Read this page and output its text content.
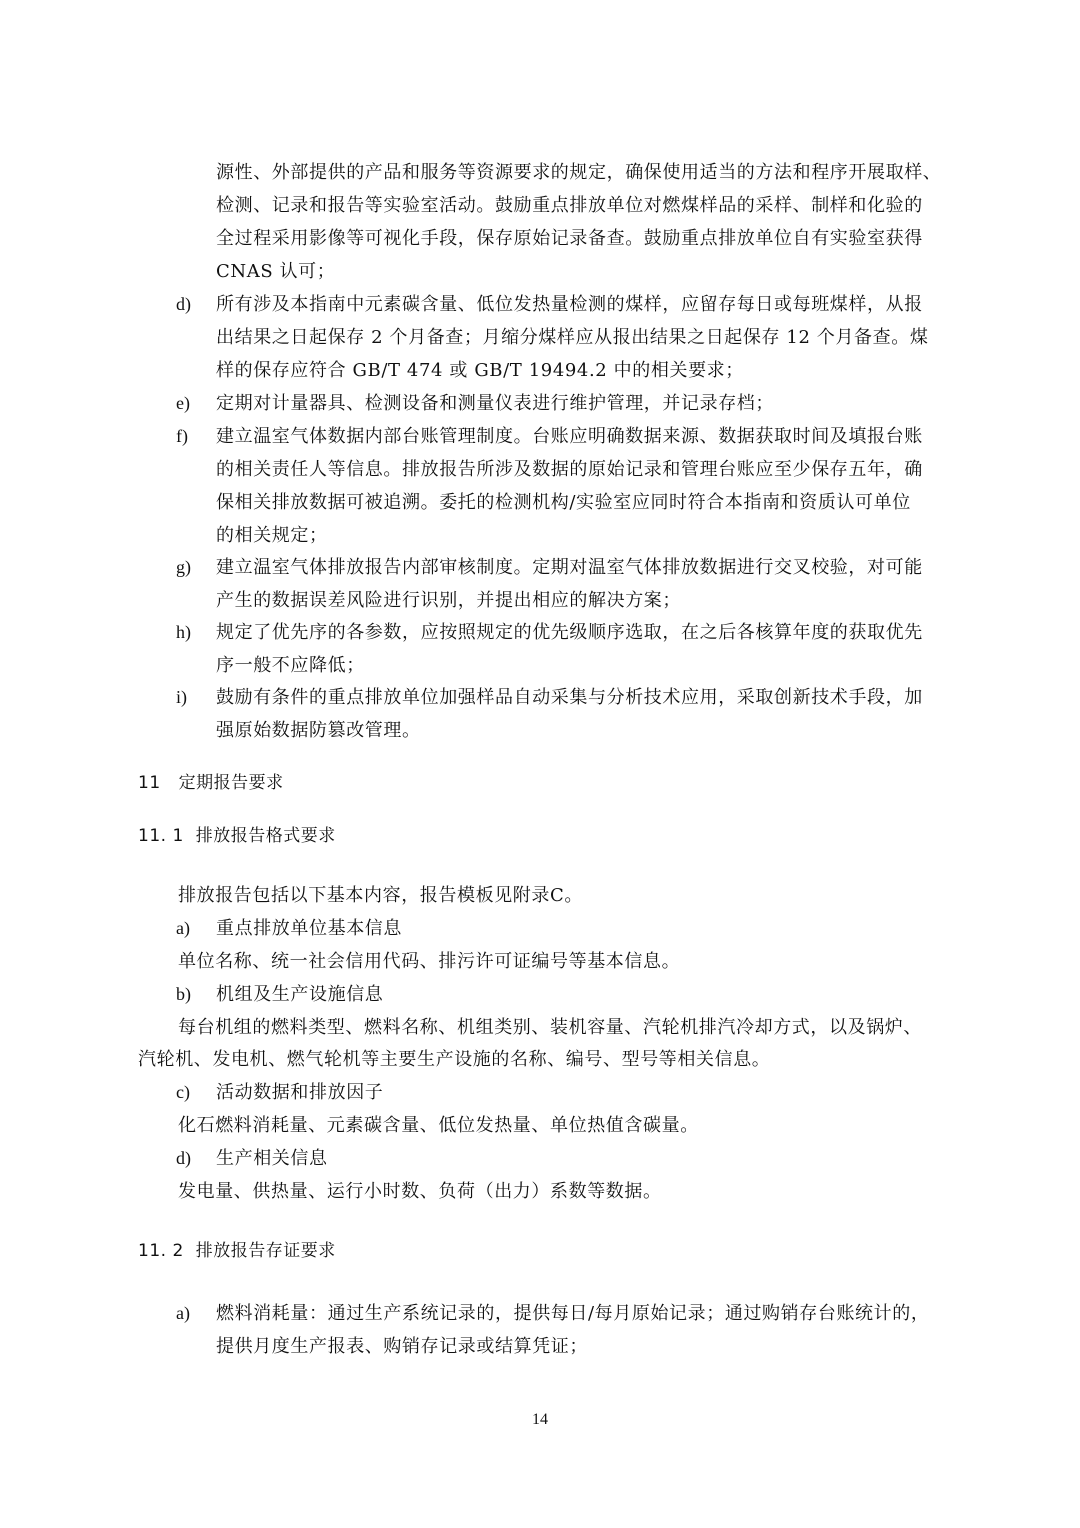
源性、外部提供的产品和服务等资源要求的规定，确保使用适当的方法和程序开展取样、
检测、记录和报告等实验室活动。鼓励重点排放单位对燃煤样品的采样、制样和化验的
全过程采用影像等可视化手段，保存原始记录备查。鼓励重点排放单位自有实验室获得
CNAS 认可；
d)	所有涉及本指南中元素碳含量、低位发热量检测的煤样，应留存每日或每班煤样，从报
出结果之日起保存 2 个月备查；月缩分煤样应从报出结果之日起保存 12 个月备查。煤
样的保存应符合 GB/T 474 或 GB/T 19494.2 中的相关要求；
e)	定期对计量器具、检测设备和测量仪表进行维护管理，并记录存档；
f)	建立温室气体数据内部台账管理制度。台账应明确数据来源、数据获取时间及填报台账
的相关责任人等信息。排放报告所涉及数据的原始记录和管理台账应至少保存五年，确
保相关排放数据可被追溯。委托的检测机构/实验室应同时符合本指南和资质认可单位
的相关规定；
g)	建立温室气体排放报告内部审核制度。定期对温室气体排放数据进行交叉校验，对可能
产生的数据误差风险进行识别，并提出相应的解决方案；
h)	规定了优先序的各参数，应按照规定的优先级顺序选取，在之后各核算年度的获取优先
序一般不应降低；
i)	鼓励有条件的重点排放单位加强样品自动采集与分析技术应用，采取创新技术手段，加
强原始数据防篡改管理。
11 定期报告要求
11. 1 排放报告格式要求
排放报告包括以下基本内容，报告模板见附录C。
a)	重点排放单位基本信息
单位名称、统一社会信用代码、排污许可证编号等基本信息。
b)	机组及生产设施信息
每台机组的燃料类型、燃料名称、机组类别、装机容量、汽轮机排汽冷却方式，以及锅炉、
汽轮机、发电机、燃气轮机等主要生产设施的名称、编号、型号等相关信息。
c)	活动数据和排放因子
化石燃料消耗量、元素碳含量、低位发热量、单位热值含碳量。
d)	生产相关信息
发电量、供热量、运行小时数、负荷（出力）系数等数据。
11. 2 排放报告存证要求
a)	燃料消耗量：通过生产系统记录的，提供每日/每月原始记录；通过购销存台账统计的，
提供月度生产报表、购销存记录或结算凭证；
14
